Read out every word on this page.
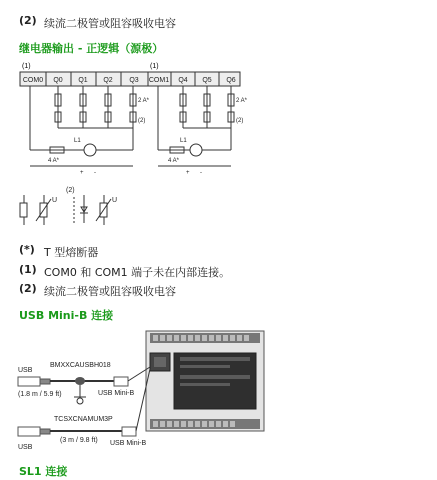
(2) 续流二极管或阻容吸收电容
继电器输出 - 正逻辑（源极）
(1)	(1)
COM0 Q0 Q1 Q2 Q3 COM1 Q4 Q5 Q6
2 A*	2 A*
(2)	(2)
L1	L1
4 A*	4 A*
+ -	+ -
U	U
(2)
(*) T 型熔断器
(1) COM0 和 COM1 端子未在内部连接。
(2) 续流二极管或阻容吸收电容
USB Mini-B 连接
USB
BMXXCAUSBH018
(1.8 m / 5.9 ft)	USB Mini-B
TCSXCNAMUM3P
(3 m / 9.8 ft) USB Mini-B
USB
SL1 连接
